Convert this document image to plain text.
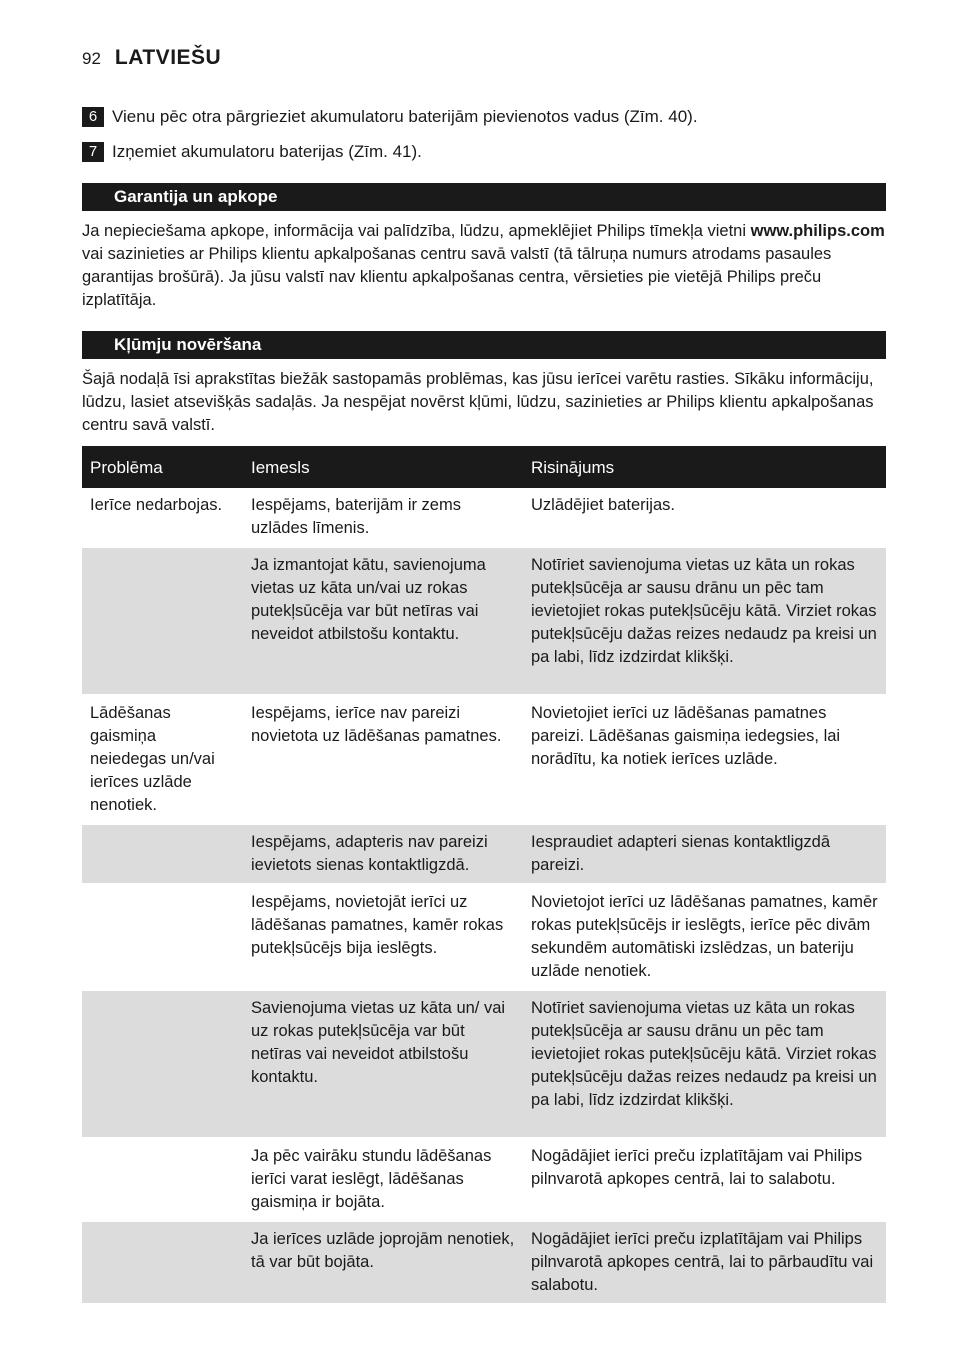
92 LATVIEŠU
6 Vienu pēc otra pārgrieziet akumulatoru baterijām pievienotos vadus (Zīm. 40).
7 Izņemiet akumulatoru baterijas (Zīm. 41).
Garantija un apkope
Ja nepieciešama apkope, informācija vai palīdzība, lūdzu, apmeklējiet Philips tīmekļa vietni www.philips.com vai sazinieties ar Philips klientu apkalpošanas centru savā valstī (tā tālruņa numurs atrodams pasaules garantijas brošūrā). Ja jūsu valstī nav klientu apkalpošanas centra, vērsieties pie vietējā Philips preču izplatītāja.
Kļūmju novēršana
Šajā nodaļā īsi aprakstītas biežāk sastopamās problēmas, kas jūsu ierīcei varētu rasties. Sīkāku informāciju, lūdzu, lasiet atsevišķās sadaļās. Ja nespējat novērst kļūmi, lūdzu, sazinieties ar Philips klientu apkalpošanas centru savā valstī.
Problēma	Iemesls	Risinājums
Ierīce nedarbojas.	Iespējams, baterijām ir zems uzlādes līmenis.	Uzlādējiet baterijas.
	Ja izmantojat kātu, savienojuma vietas uz kāta un/vai uz rokas putekļsūcēja var būt netīras vai neveidot atbilstošu kontaktu.	Notīriet savienojuma vietas uz kāta un rokas putekļsūcēja ar sausu drānu un pēc tam ievietojiet rokas putekļsūcēju kātā. Virziet rokas putekļsūcēju dažas reizes nedaudz pa kreisi un pa labi, līdz izdzirdat klikšķi.
Lādēšanas gaismiņa neiedegas un/vai ierīces uzlāde nenotiek.	Iespējams, ierīce nav pareizi novietota uz lādēšanas pamatnes.	Novietojiet ierīci uz lādēšanas pamatnes pareizi. Lādēšanas gaismiņa iedegsies, lai norādītu, ka notiek ierīces uzlāde.
	Iespējams, adapteris nav pareizi ievietots sienas kontaktligzdā.	Iespraudiet adapteri sienas kontaktligzdā pareizi.
	Iespējams, novietojāt ierīci uz lādēšanas pamatnes, kamēr rokas putekļsūcējs bija ieslēgts.	Novietojot ierīci uz lādēšanas pamatnes, kamēr rokas putekļsūcējs ir ieslēgts, ierīce pēc divām sekundēm automātiski izslēdzas, un bateriju uzlāde nenotiek.
	Savienojuma vietas uz kāta un/ vai uz rokas putekļsūcēja var būt netīras vai neveidot atbilstošu kontaktu.	Notīriet savienojuma vietas uz kāta un rokas putekļsūcēja ar sausu drānu un pēc tam ievietojiet rokas putekļsūcēju kātā. Virziet rokas putekļsūcēju dažas reizes nedaudz pa kreisi un pa labi, līdz izdzirdat klikšķi.
	Ja pēc vairāku stundu lādēšanas ierīci varat ieslēgt, lādēšanas gaismiņa ir bojāta.	Nogādājiet ierīci preču izplatītājam vai Philips pilnvarotā apkopes centrā, lai to salabotu.
	Ja ierīces uzlāde joprojām nenotiek, tā var būt bojāta.	Nogādājiet ierīci preču izplatītājam vai Philips pilnvarotā apkopes centrā, lai to pārbaudītu vai salabotu.
